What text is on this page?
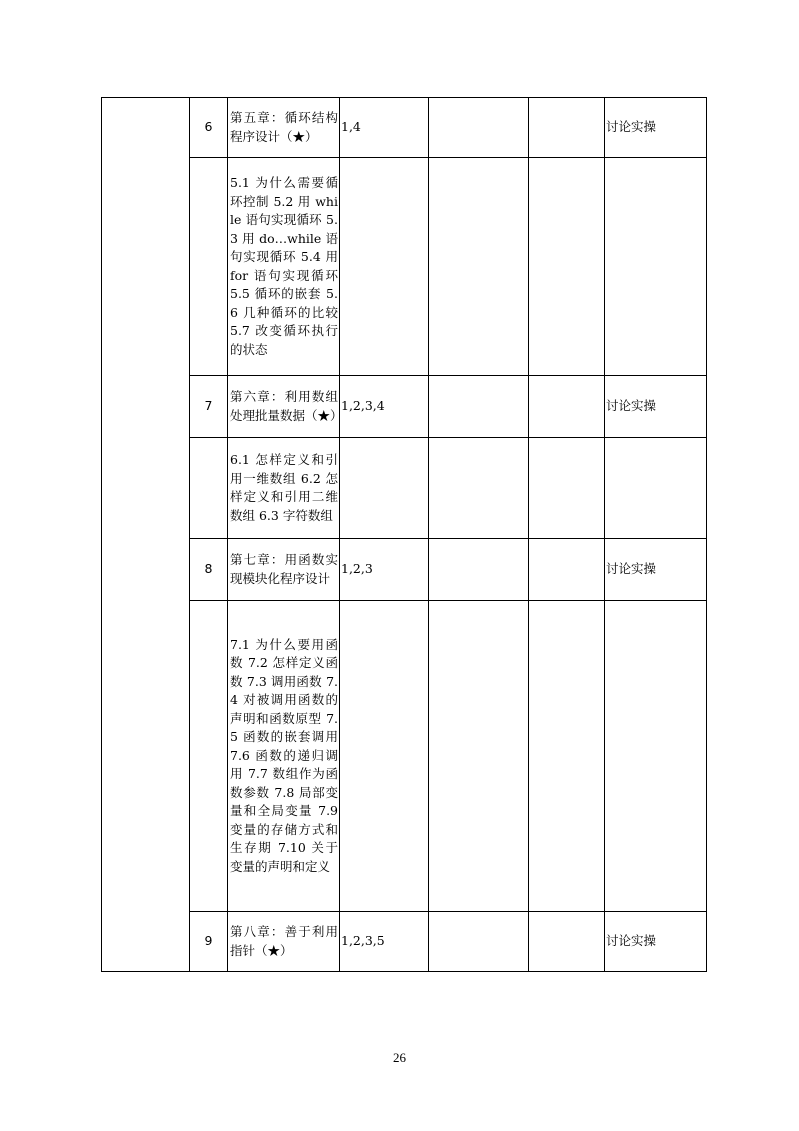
	6	第五章：循环结构程序设计（★）	1,4			讨论实操

		5.1 为什么需要循环控制 5.2 用 while 语句实现循环 5.3 用 do…while 语句实现循环 5.4 用 for 语句实现循环 5.5 循环的嵌套 5.6 几种循环的比较 5.7 改变循环执行的状态				

	7	第六章：利用数组处理批量数据（★）	1,2,3,4			讨论实操

		6.1 怎样定义和引用一维数组 6.2 怎样定义和引用二维数组 6.3 字符数组				

	8	第七章：用函数实现模块化程序设计	1,2,3			讨论实操

		7.1 为什么要用函数 7.2 怎样定义函数 7.3 调用函数 7.4 对被调用函数的声明和函数原型 7.5 函数的嵌套调用 7.6 函数的递归调用 7.7 数组作为函数参数 7.8 局部变量和全局变量 7.9 变量的存储方式和生存期 7.10 关于变量的声明和定义				

	9	第八章：善于利用指针（★）	1,2,3,5			讨论实操
26
